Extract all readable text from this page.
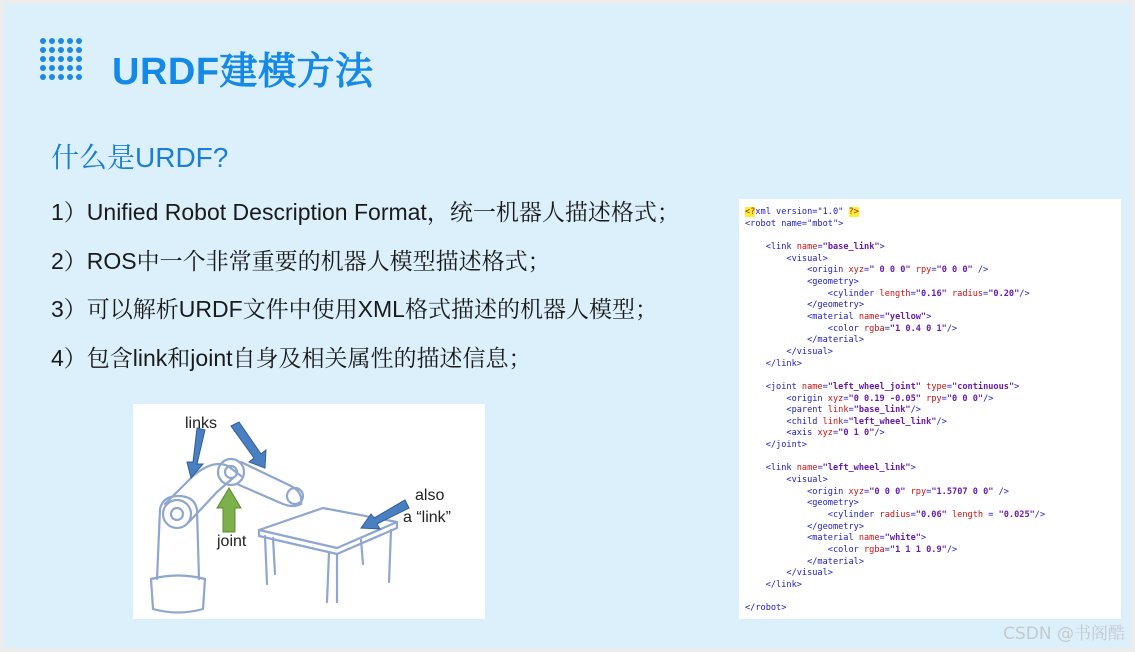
URDF建模方法
什么是URDF?
1）Unified Robot Description Format，统一机器人描述格式；
2）ROS中一个非常重要的机器人模型描述格式；
3）可以解析URDF文件中使用XML格式描述的机器人模型；
4）包含link和joint自身及相关属性的描述信息；
links
joint
also
a “link”
<?xml version="1.0" ?>
<robot name="mbot">

<link name="base_link">
<visual>
<origin xyz=" 0 0 0" rpy="0 0 0" />
<geometry>
<cylinder length="0.16" radius="0.20"/>
</geometry>
<material name="yellow">
<color rgba="1 0.4 0 1"/>
</material>
</visual>
</link>

<joint name="left_wheel_joint" type="continuous">
<origin xyz="0 0.19 -0.05" rpy="0 0 0"/>
<parent link="base_link"/>
<child link="left_wheel_link"/>
<axis xyz="0 1 0"/>
</joint>

<link name="left_wheel_link">
<visual>
<origin xyz="0 0 0" rpy="1.5707 0 0" />
<geometry>
<cylinder radius="0.06" length = "0.025"/>
</geometry>
<material name="white">
<color rgba="1 1 1 0.9"/>
</material>
</visual>
</link>

</robot>
CSDN @书阁酷
